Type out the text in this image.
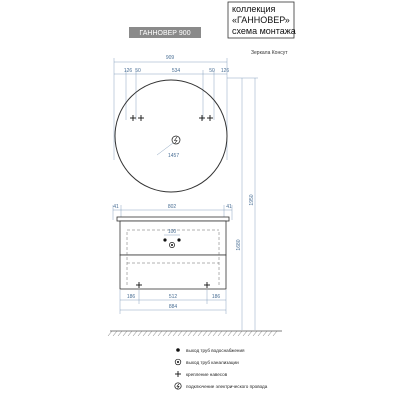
коллекция
«ГАННОВЕР»
схема монтажа
ГАННОВЕР 900
Зеркала Консут
909
126 50	534	50 126
1457
1680
1950
41	802	41
100
186	512	186
884
выход труб водоснабжения
выход труб канализации
крепление навесов
подключение электрического провода
